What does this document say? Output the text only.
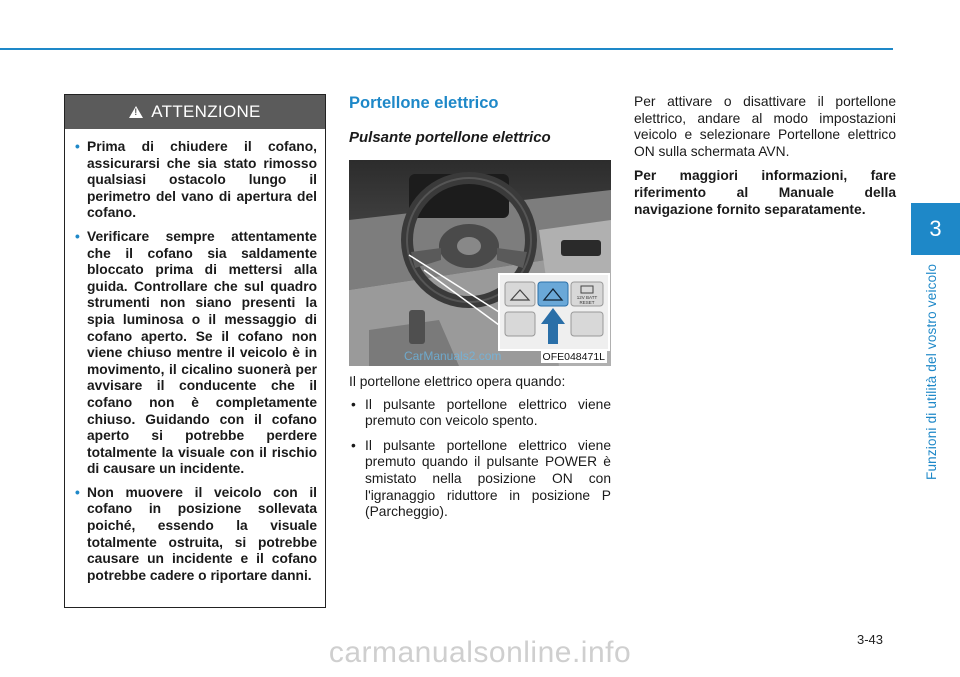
3
Funzioni di utilità del vostro veicolo
!
ATTENZIONE
• Prima di chiudere il cofano, assicurarsi che sia stato rimosso qualsiasi ostacolo lungo il perimetro del vano di apertura del cofano.
• Verificare sempre attentamente che il cofano sia saldamente bloccato prima di mettersi alla guida. Controllare che sul quadro strumenti non siano presenti la spia luminosa o il messaggio di cofano aperto. Se il cofano non viene chiuso mentre il veicolo è in movimento, il cicalino suonerà per avvisare il conducente che il cofano non è completamente chiuso. Guidando con il cofano aperto si potrebbe perdere totalmente la visuale con il rischio di causare un incidente.
• Non muovere il veicolo con il cofano in posizione sollevata poiché, essendo la visuale totalmente ostruita, si potrebbe causare un incidente e il cofano potrebbe cadere o riportare danni.
Portellone elettrico
Pulsante portellone elettrico
12V BATT
RESET
CarManuals2.com	OFE048471L

Il portellone elettrico opera quando:

• Il pulsante portellone elettrico viene premuto con veicolo spento.
• Il pulsante portellone elettrico viene premuto quando il pulsante POWER è smistato nella posizione ON con l'igranaggio riduttore in posizione P (Parcheggio).

Per attivare o disattivare il portellone elettrico, andare al modo impostazioni veicolo e selezionare Portellone elettrico ON sulla schermata AVN.

Per maggiori informazioni, fare riferimento al Manuale della navigazione fornito separatamente.

3-43
carmanualsonline.info
